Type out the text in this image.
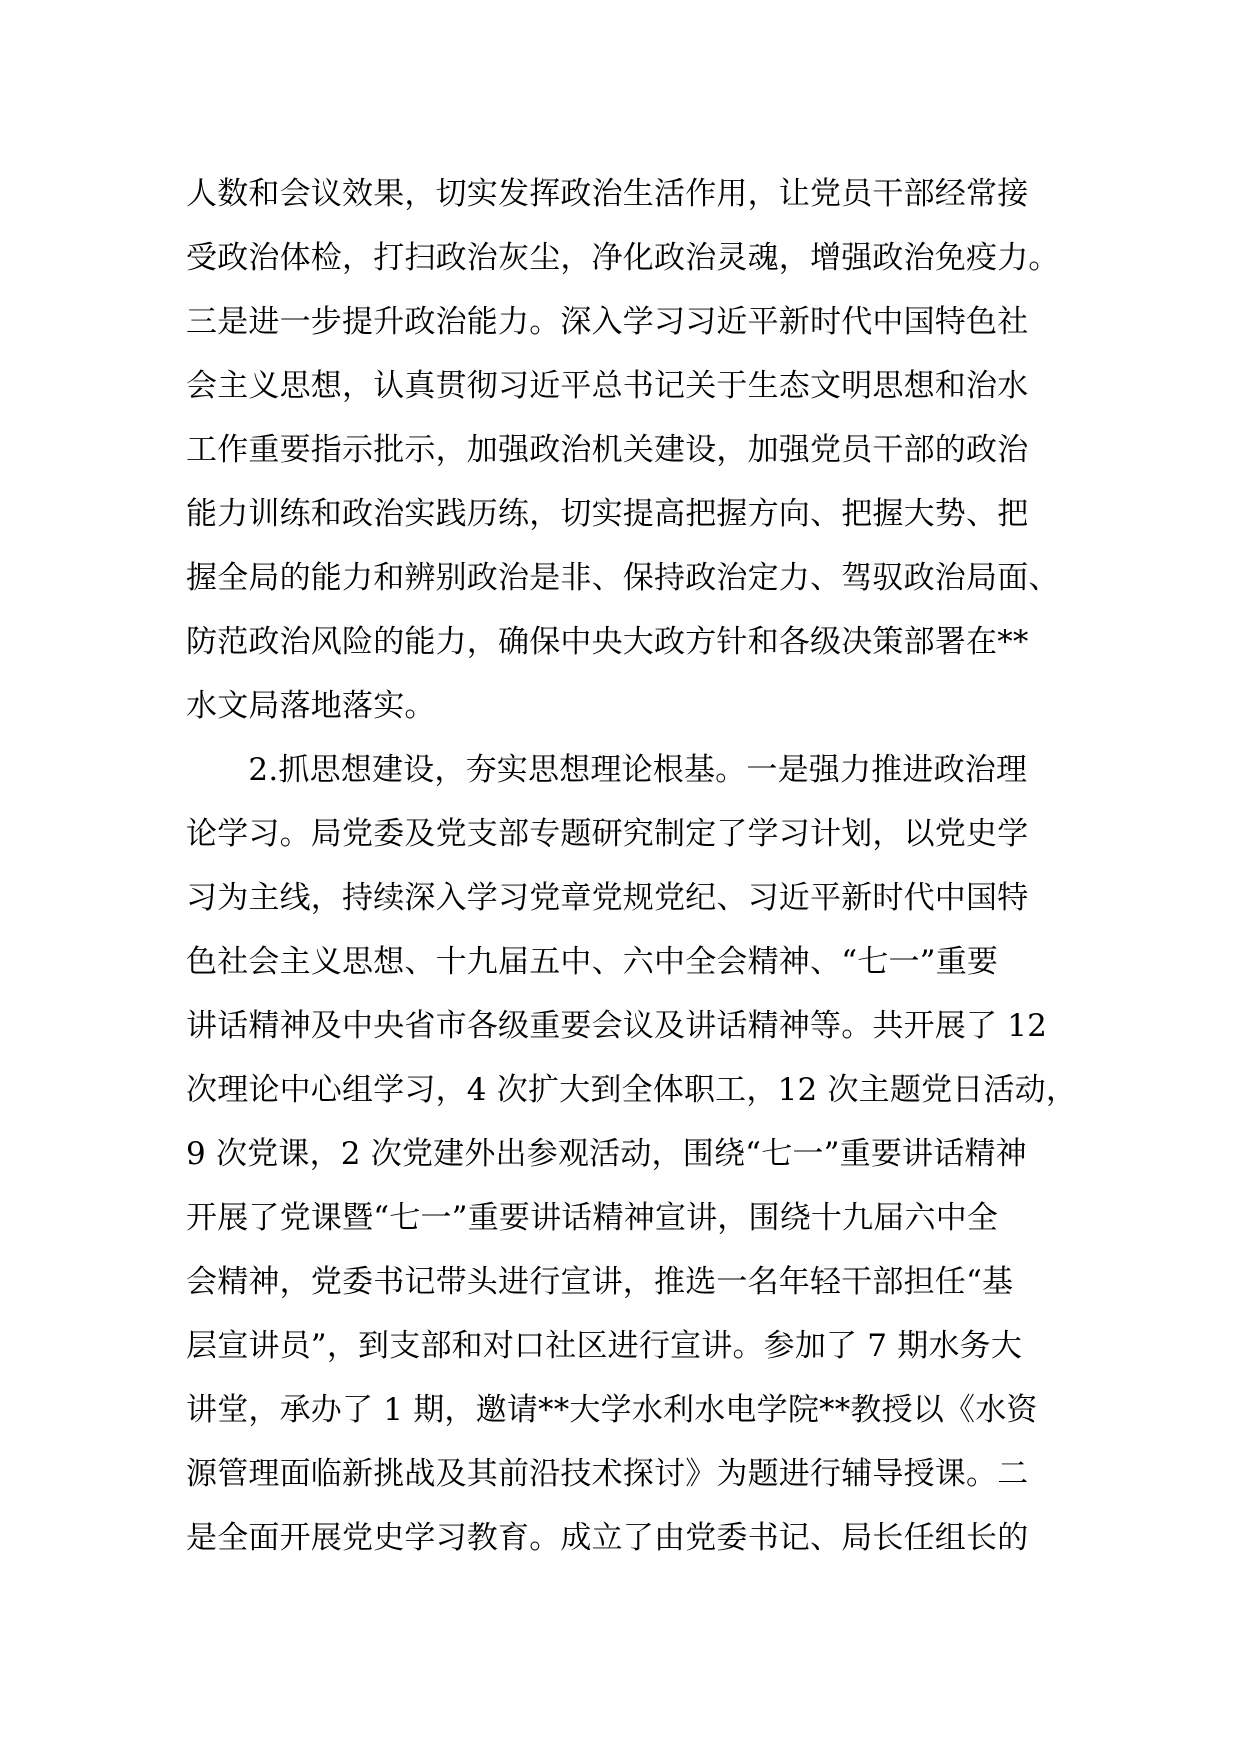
人数和会议效果，切实发挥政治生活作用，让党员干部经常接
受政治体检，打扫政治灰尘，净化政治灵魂，增强政治免疫力。
三是进一步提升政治能力。深入学习习近平新时代中国特色社
会主义思想，认真贯彻习近平总书记关于生态文明思想和治水
工作重要指示批示，加强政治机关建设，加强党员干部的政治
能力训练和政治实践历练，切实提高把握方向、把握大势、把
握全局的能力和辨别政治是非、保持政治定力、驾驭政治局面、
防范政治风险的能力，确保中央大政方针和各级决策部署在**
水文局落地落实。
　　2.抓思想建设，夯实思想理论根基。一是强力推进政治理
论学习。局党委及党支部专题研究制定了学习计划，以党史学
习为主线，持续深入学习党章党规党纪、习近平新时代中国特
色社会主义思想、十九届五中、六中全会精神、“七一”重要
讲话精神及中央省市各级重要会议及讲话精神等。共开展了 12
次理论中心组学习，4 次扩大到全体职工，12 次主题党日活动，
9 次党课，2 次党建外出参观活动，围绕“七一”重要讲话精神
开展了党课暨“七一”重要讲话精神宣讲，围绕十九届六中全
会精神，党委书记带头进行宣讲，推选一名年轻干部担任“基
层宣讲员”，到支部和对口社区进行宣讲。参加了 7 期水务大
讲堂，承办了 1 期，邀请**大学水利水电学院**教授以《水资
源管理面临新挑战及其前沿技术探讨》为题进行辅导授课。二
是全面开展党史学习教育。成立了由党委书记、局长任组长的
